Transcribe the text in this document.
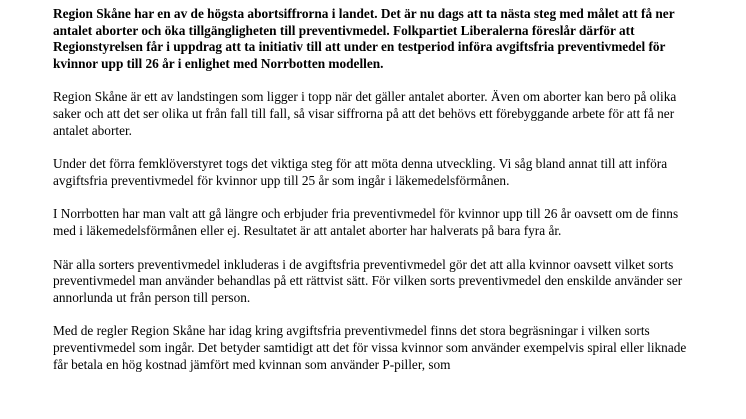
Region Skåne har en av de högsta abortsiffrorna i landet. Det är nu dags att ta nästa steg med målet att få ner antalet aborter och öka tillgängligheten till preventivmedel. Folkpartiet Liberalerna föreslår därför att Regionstyrelsen får i uppdrag att ta initiativ till att under en testperiod införa avgiftsfria preventivmedel för kvinnor upp till 26 år i enlighet med Norrbotten modellen.

Region Skåne är ett av landstingen som ligger i topp när det gäller antalet aborter. Även om aborter kan bero på olika saker och att det ser olika ut från fall till fall, så visar siffrorna på att det behövs ett förebyggande arbete för att få ner antalet aborter.

Under det förra femklöverstyret togs det viktiga steg för att möta denna utveckling. Vi såg bland annat till att införa avgiftsfria preventivmedel för kvinnor upp till 25 år som ingår i läkemedelsförmånen.

I Norrbotten har man valt att gå längre och erbjuder fria preventivmedel för kvinnor upp till 26 år oavsett om de finns med i läkemedelsförmånen eller ej. Resultatet är att antalet aborter har halverats på bara fyra år.

När alla sorters preventivmedel inkluderas i de avgiftsfria preventivmedel gör det att alla kvinnor oavsett vilket sorts preventivmedel man använder behandlas på ett rättvist sätt. För vilken sorts preventivmedel den enskilde använder ser annorlunda ut från person till person.

Med de regler Region Skåne har idag kring avgiftsfria preventivmedel finns det stora begräsningar i vilken sorts preventivmedel som ingår. Det betyder samtidigt att det för vissa kvinnor som använder exempelvis spiral eller liknade får betala en hög kostnad jämfört med kvinnan som använder P-piller, som
